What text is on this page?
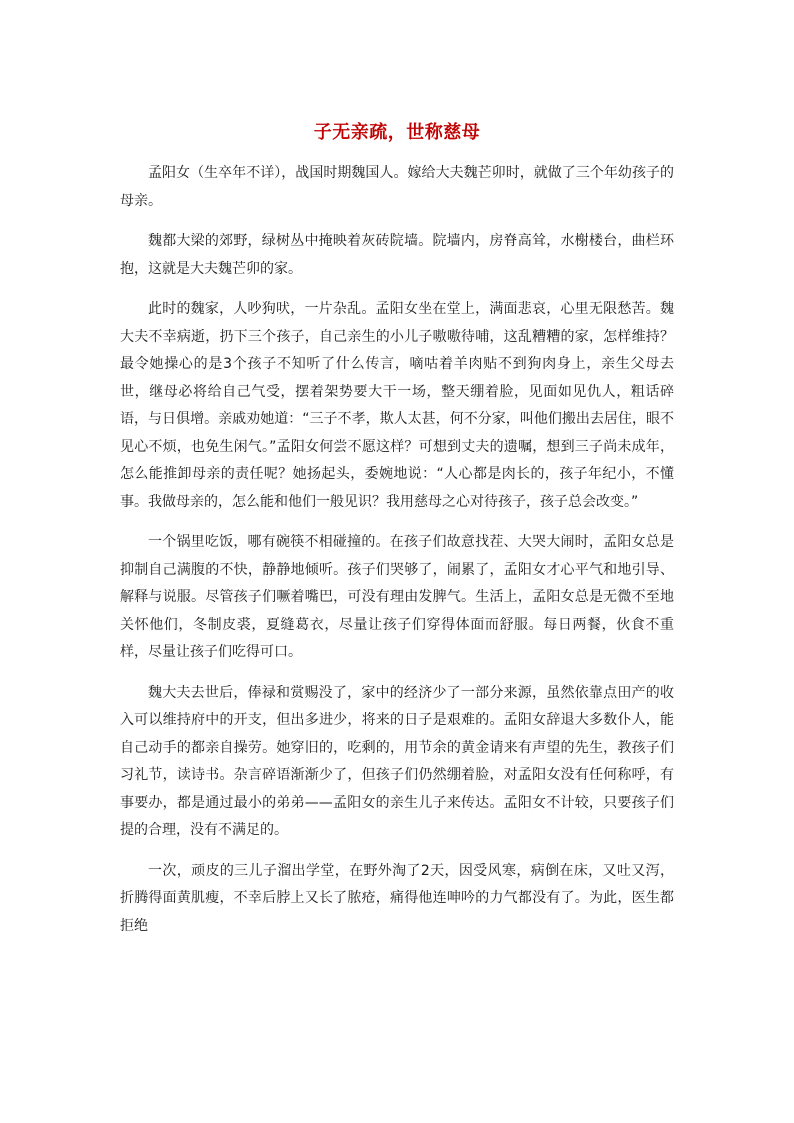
子无亲疏，世称慈母

孟阳女（生卒年不详），战国时期魏国人。嫁给大夫魏芒卯时，就做了三个年幼孩子的母亲。

魏都大梁的郊野，绿树丛中掩映着灰砖院墙。院墙内，房脊高耸，水榭楼台，曲栏环抱，这就是大夫魏芒卯的家。

此时的魏家，人吵狗吠，一片杂乱。孟阳女坐在堂上，满面悲哀，心里无限愁苦。魏大夫不幸病逝，扔下三个孩子，自己亲生的小儿子嗷嗷待哺，这乱糟糟的家，怎样维持？最令她操心的是3个孩子不知听了什么传言，嘀咕着羊肉贴不到狗肉身上，亲生父母去世，继母必将给自己气受，摆着架势要大干一场，整天绷着脸，见面如见仇人，粗话碎语，与日俱增。亲戚劝她道：“三子不孝，欺人太甚，何不分家，叫他们搬出去居住，眼不见心不烦，也免生闲气。”孟阳女何尝不愿这样？可想到丈夫的遗嘱，想到三子尚未成年，怎么能推卸母亲的责任呢？她扬起头，委婉地说：“人心都是肉长的，孩子年纪小，不懂事。我做母亲的，怎么能和他们一般见识？我用慈母之心对待孩子，孩子总会改变。”

一个锅里吃饭，哪有碗筷不相碰撞的。在孩子们故意找茬、大哭大闹时，孟阳女总是抑制自己满腹的不快，静静地倾听。孩子们哭够了，闹累了，孟阳女才心平气和地引导、解释与说服。尽管孩子们噘着嘴巴，可没有理由发脾气。生活上，孟阳女总是无微不至地关怀他们，冬制皮裘，夏缝葛衣，尽量让孩子们穿得体面而舒服。每日两餐，伙食不重样，尽量让孩子们吃得可口。

魏大夫去世后，俸禄和赏赐没了，家中的经济少了一部分来源，虽然依靠点田产的收入可以维持府中的开支，但出多进少，将来的日子是艰难的。孟阳女辞退大多数仆人，能自己动手的都亲自操劳。她穿旧的，吃剩的，用节余的黄金请来有声望的先生，教孩子们习礼节，读诗书。杂言碎语渐渐少了，但孩子们仍然绷着脸，对孟阳女没有任何称呼，有事要办，都是通过最小的弟弟——孟阳女的亲生儿子来传达。孟阳女不计较，只要孩子们提的合理，没有不满足的。

一次，顽皮的三儿子溜出学堂，在野外淘了2天，因受风寒，病倒在床，又吐又泻，折腾得面黄肌瘦，不幸后脖上又长了脓疮，痛得他连呻吟的力气都没有了。为此，医生都拒绝
